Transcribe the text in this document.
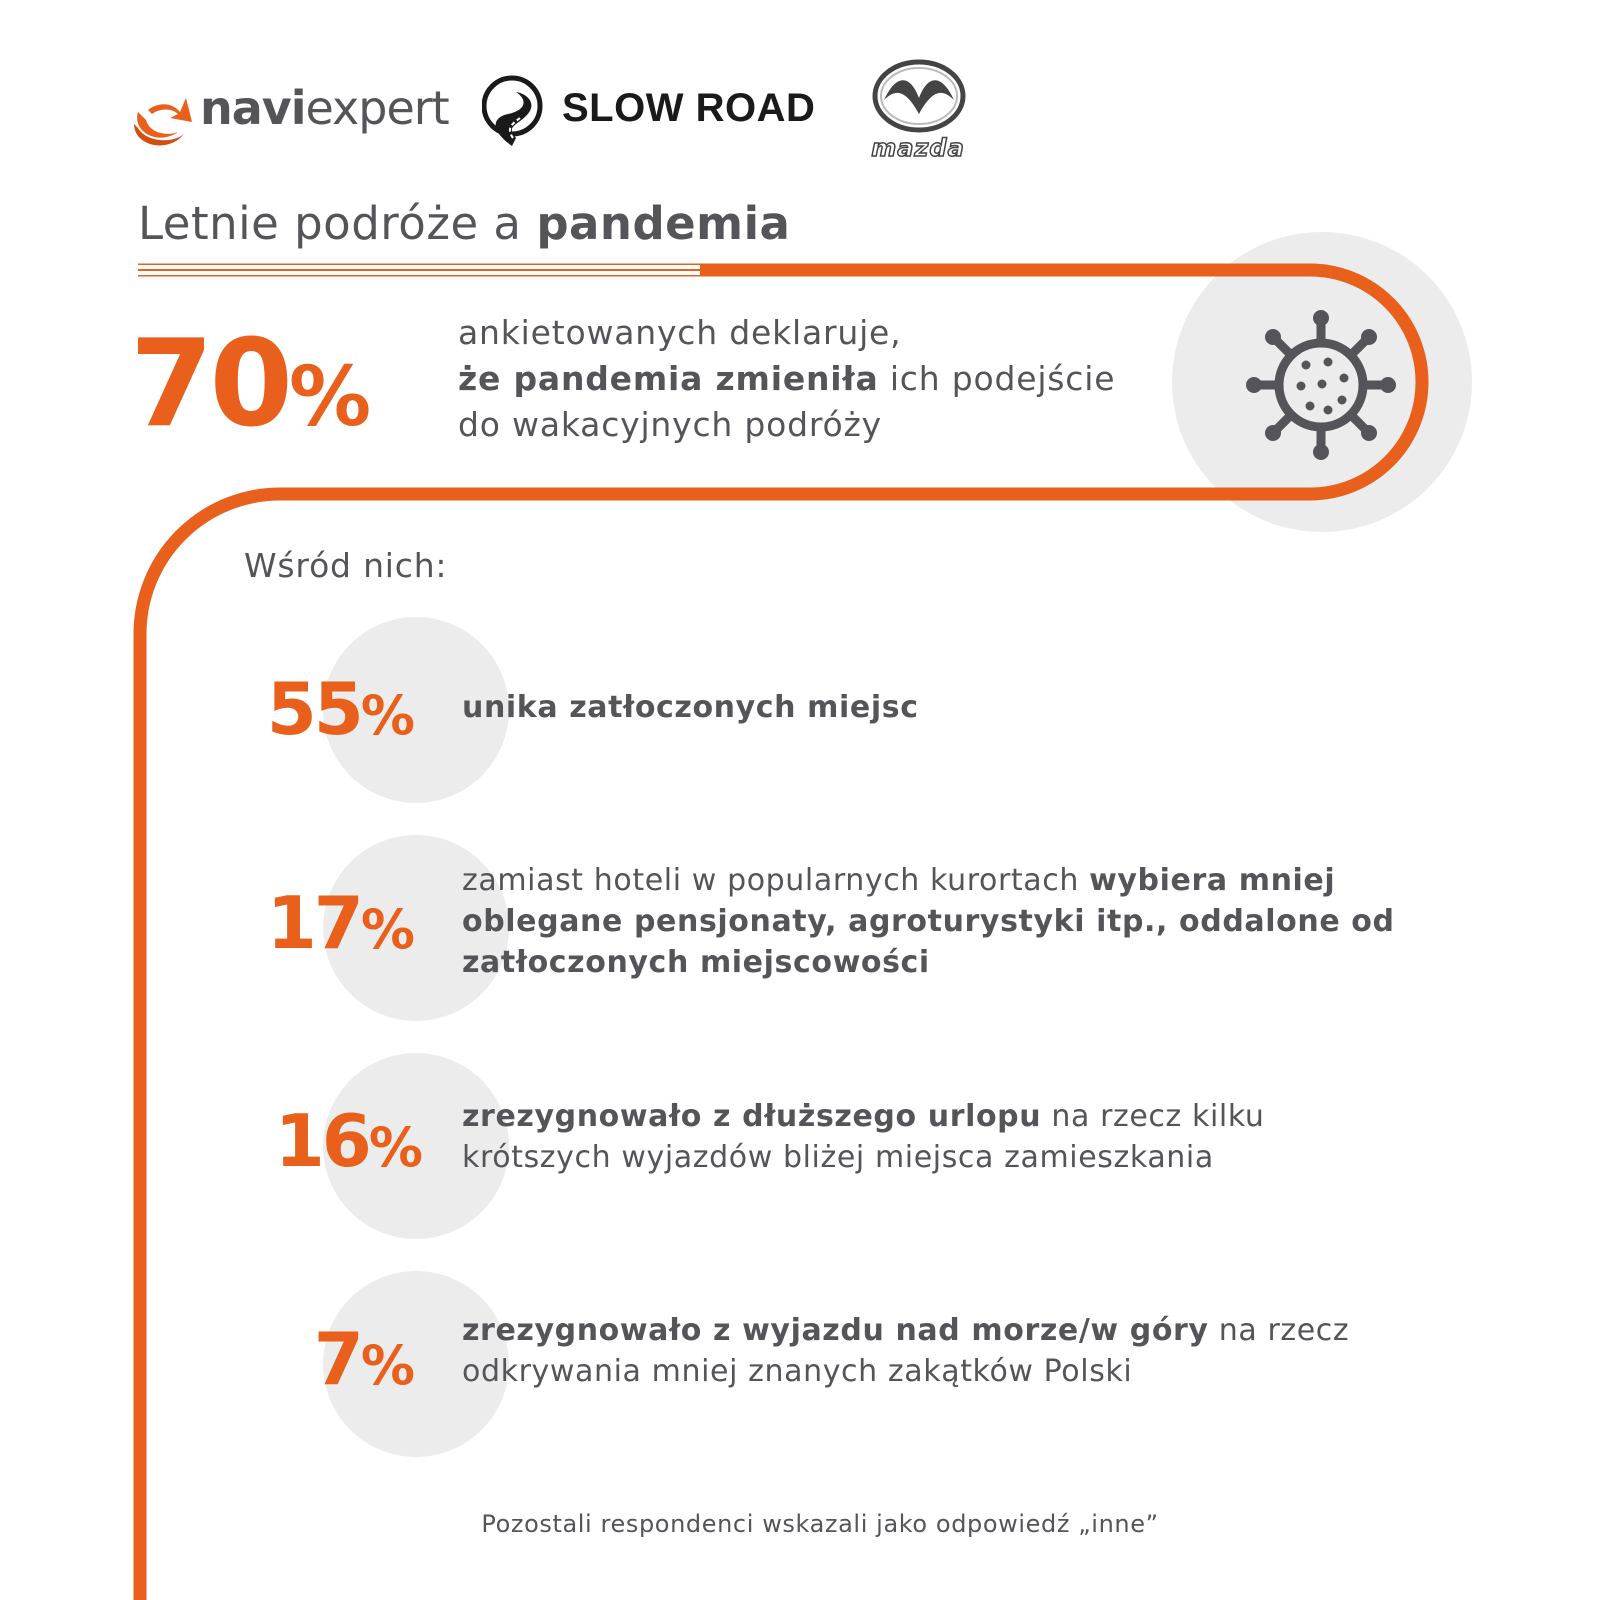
naviexpert	SLOW ROAD
mazda
Letnie podróże a pandemia
70%
ankietowanych deklaruje,
że pandemia zmieniła ich podejście
do wakacyjnych podróży
Wśród nich:
55% unika zatłoczonych miejsc
17%
zamiast hoteli w popularnych kurortach wybiera mniej oblegane pensjonaty, agroturystyki itp., oddalone od zatłoczonych miejscowości
16% zrezygnowało z dłuższego urlopu na rzecz kilku krótszych wyjazdów bliżej miejsca zamieszkania
7%
zrezygnowało z wyjazdu nad morze/w góry na rzecz odkrywania mniej znanych zakątków Polski
Pozostali respondenci wskazali jako odpowiedź „inne”
